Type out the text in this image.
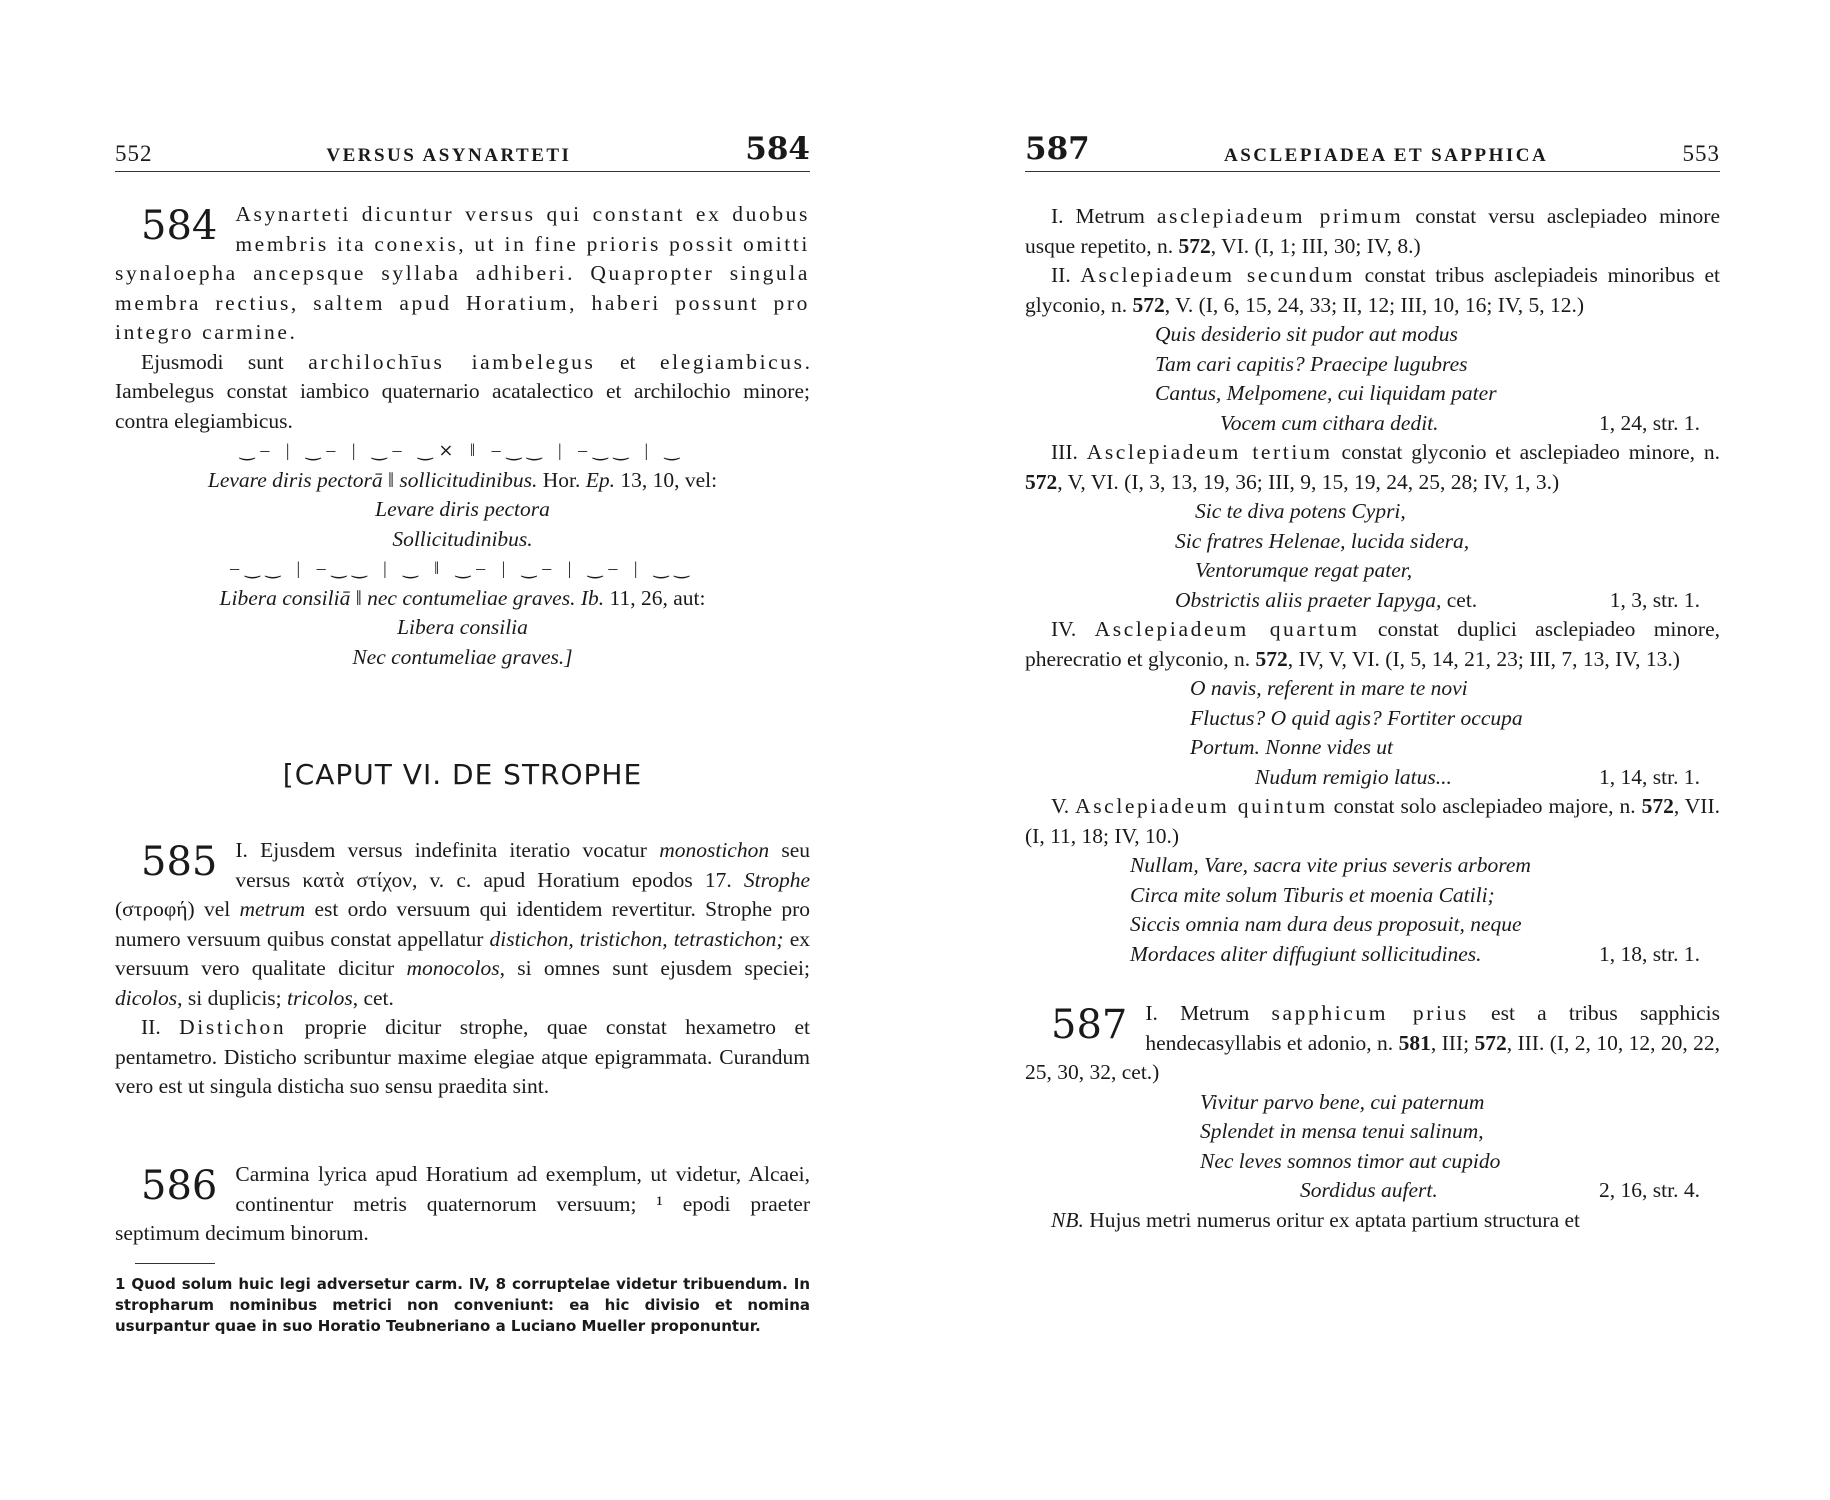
552	VERSUS ASYNARTETI	584

584 Asynarteti dicuntur versus qui constant ex duobus membris ita conexis, ut in fine prioris possit omitti synaloepha ancepsque syllaba adhiberi. Quapropter singula membra rectius, saltem apud Horatium, haberi possunt pro integro carmine.

Ejusmodi sunt archilochīus iambelegus et elegiambicus. Iambelegus constat iambico quaternario acatalectico et archilochio minore; contra elegiambicus.

‿– | ‿– | ‿– ‿⨯ ‖ –‿‿ | –‿‿ | ‿

Levare diris pectorā ‖ sollicitudinibus. Hor. Ep. 13, 10, vel:

Levare diris pectora

Sollicitudinibus.

–‿‿ | –‿‿ | ‿ ‖ ‿– | ‿– | ‿– | ‿‿

Libera consiliā ‖ nec contumeliae graves. Ib. 11, 26, aut:

Libera consilia

Nec contumeliae graves.]

[CAPUT VI. DE STROPHE

585 I. Ejusdem versus indefinita iteratio vocatur monostichon seu versus κατὰ στίχον, v. c. apud Horatium epodos 17. Strophe (στροφή) vel metrum est ordo versuum qui identidem revertitur. Strophe pro numero versuum quibus constat appellatur distichon, tristichon, tetrastichon; ex versuum vero qualitate dicitur monocolos, si omnes sunt ejusdem speciei; dicolos, si duplicis; tricolos, cet.

II. Distichon proprie dicitur strophe, quae constat hexametro et pentametro. Distichο scribuntur maxime elegiae atque epigrammata. Curandum vero est ut singula disticha suo sensu praedita sint.

586 Carmina lyrica apud Horatium ad exemplum, ut videtur, Alcaei, continentur metris quaternorum versuum; ¹ epodi praeter septimum decimum binorum.

1 Quod solum huic legi adversetur carm. IV, 8 corruptelae videtur tribuendum. In stropharum nominibus metrici non conveniunt: ea hic divisio et nomina usurpantur quae in suo Horatio Teubneriano a Luciano Mueller proponuntur.

587	ASCLEPIADEA ET SAPPHICA	553

I. Metrum asclepiadeum primum constat versu asclepiadeo minore usque repetito, n. 572, VI. (I, 1; III, 30; IV, 8.)

II. Asclepiadeum secundum constat tribus asclepiadeis minoribus et glyconio, n. 572, V. (I, 6, 15, 24, 33; II, 12; III, 10, 16; IV, 5, 12.)

Quis desiderio sit pudor aut modus
Tam cari capitis? Praecipe lugubres
Cantus, Melpomene, cui liquidam pater
Vocem cum cithara dedit.	1, 24, str. 1.

III. Asclepiadeum tertium constat glyconio et asclepiadeo minore, n. 572, V, VI. (I, 3, 13, 19, 36; III, 9, 15, 19, 24, 25, 28; IV, 1, 3.)

Sic te diva potens Cypri,
Sic fratres Helenae, lucida sidera,
Ventorumque regat pater,
Obstrictis aliis praeter Iapyga, cet.	1, 3, str. 1.

IV. Asclepiadeum quartum constat duplici asclepiadeo minore, pherecratio et glyconio, n. 572, IV, V, VI. (I, 5, 14, 21, 23; III, 7, 13, IV, 13.)

O navis, referent in mare te novi
Fluctus? O quid agis? Fortiter occupa
Portum. Nonne vides ut
Nudum remigio latus...	1, 14, str. 1.

V. Asclepiadeum quintum constat solo asclepiadeo majore, n. 572, VII. (I, 11, 18; IV, 10.)

Nullam, Vare, sacra vite prius severis arborem
Circa mite solum Tiburis et moenia Catili;
Siccis omnia nam dura deus proposuit, neque
Mordaces aliter diffugiunt sollicitudines.	1, 18, str. 1.

587 I. Metrum sapphicum prius est a tribus sapphicis hendecasyllabis et adonio, n. 581, III; 572, III. (I, 2, 10, 12, 20, 22, 25, 30, 32, cet.)

Vivitur parvo bene, cui paternum
Splendet in mensa tenui salinum,
Nec leves somnos timor aut cupido
Sordidus aufert.	2, 16, str. 4.

NB. Hujus metri numerus oritur ex aptata partium structura et
